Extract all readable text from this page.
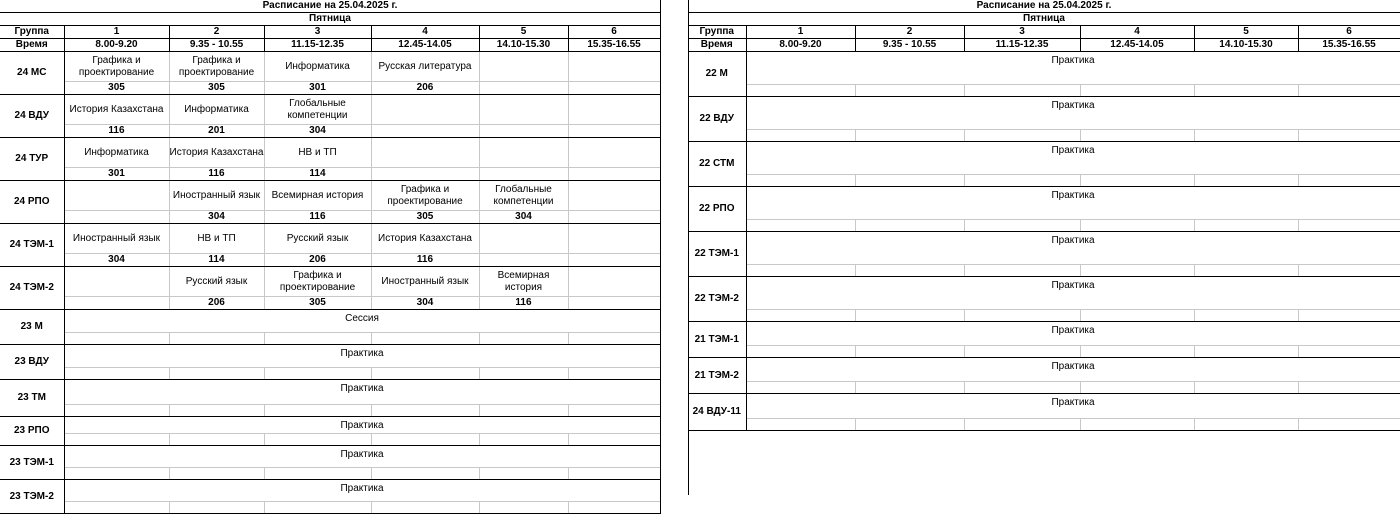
Расписание на 25.04.2025 г.						
Пятница						
Группа	1	2	3	4	5	6
Время	8.00-9.20	9.35 - 10.55	11.15-12.35	12.45-14.05	14.10-15.30	15.35-16.55
24 МС	Графика и проектирование	Графика и проектирование	Информатика	Русская литература		
	305	305	301	206		
24 ВДУ	История Казахстана	Информатика	Глобальные компетенции			
	116	201	304			
24 ТУР	Информатика	История Казахстана	НВ и ТП			
	301	116	114			
24 РПО		Иностранный язык	Всемирная история	Графика и проектирование	Глобальные компетенции	
		304	116	305	304	
24 ТЭМ-1	Иностранный язык	НВ и ТП	Русский язык	История Казахстана		
	304	114	206	116		
24 ТЭМ-2		Русский язык	Графика и проектирование	Иностранный язык	Всемирная история	
		206	305	304	116	
23 М	Сессия					

23 ВДУ	Практика					

23 ТМ	Практика					

23 РПО	Практика					

23 ТЭМ-1	Практика					

23 ТЭМ-2	Практика					

Расписание на 25.04.2025 г.						
Пятница						
Группа	1	2	3	4	5	6
Время	8.00-9.20	9.35 - 10.55	11.15-12.35	12.45-14.05	14.10-15.30	15.35-16.55
22 М	Практика					

22 ВДУ	Практика					

22 СТМ	Практика					

22 РПО	Практика					

22 ТЭМ-1	Практика					

22 ТЭМ-2	Практика					

21 ТЭМ-1	Практика					

21 ТЭМ-2	Практика					

24 ВДУ-11	Практика					
